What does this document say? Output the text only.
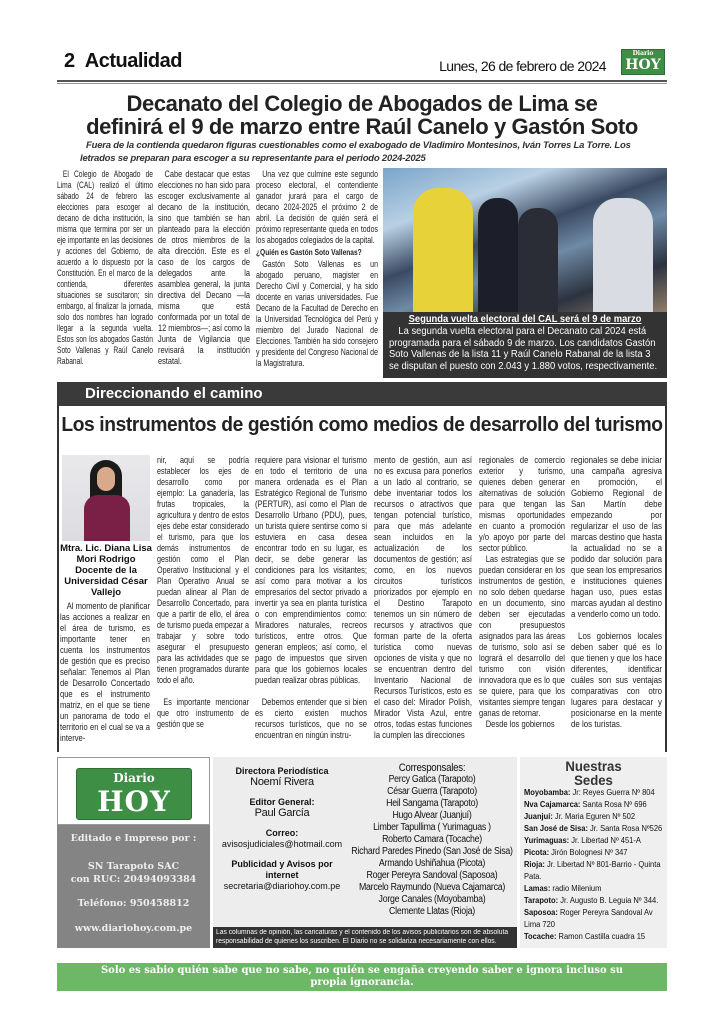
2 Actualidad	Lunes, 26 de febrero de 2024
Diario
HOY
Decanato del Colegio de Abogados de Lima se
definirá el 9 de marzo entre Raúl Canelo y Gastón Soto
Fuera de la contienda quedaron figuras cuestionables como el exabogado de Vladimiro Montesinos, Iván Torres La Torre. Los letrados se preparan para escoger a su representante para el periodo 2024-2025

El Colegio de Abogado de Lima (CAL) realizó el último sábado 24 de febrero las elecciones para escoger al decano de dicha institución, la misma que termina por ser un eje importante en las decisiones y acciones del Gobierno, de acuerdo a lo dispuesto por la Constitución. En el marco de la contienda, diferentes situaciones se suscitaron; sin embargo, al finalizar la jornada, solo dos nombres han logrado llegar a la segunda vuelta. Estos son los abogados Gastón Soto Vallenas y Raúl Canelo Rabanal.

Cabe destacar que estas elecciones no han sido para escoger exclusivamente al decano de la institución, sino que también se han planteado para la elección de otros miembros de la alta dirección. Este es el caso de los cargos de delegados ante la asamblea general, la junta directiva del Decano —la misma que está conformada por un total de 12 miembros—; así como la Junta de Vigilancia que revisará la institución estatal.

Una vez que culmine este segundo proceso electoral, el contendiente ganador jurará para el cargo de decano 2024-2025 el próximo 2 de abril. La decisión de quién será el próximo representante queda en todos los abogados colegiados de la capital.

¿Quién es Gastón Soto Vallenas?

Gastón Soto Vallenas es un abogado peruano, magister en Derecho Civil y Comercial, y ha sido docente en varias universidades. Fue Decano de la Facultad de Derecho en la Universidad Tecnológica del Perú y miembro del Jurado Nacional de Elecciones. También ha sido consejero y presidente del Congreso Nacional de la Magistratura.

Segunda vuelta electoral del CAL será el 9 de marzo

La segunda vuelta electoral para el Decanato cal 2024 está programada para el sábado 9 de marzo. Los candidatos Gastón Soto Vallenas de la lista 11 y Raúl Canelo Rabanal de la lista 3 se disputan el puesto con 2.043 y 1.880 votos, respectivamente.

Direccionando el camino
Los instrumentos de gestión como medios de desarrollo del turismo
Mtra. Lic. Diana Lisa Mori Rodrigo Docente de la Universidad César Vallejo

Al momento de planificar las acciones a realizar en el área de turismo, es importante tener en cuenta los instrumentos de gestión que es preciso señalar: Tenemos al Plan de Desarrollo Concertado que es el instrumento matriz, en el que se tiene un panorama de todo el territorio en el cual se va a interve-

nir, aquí se podría establecer los ejes de desarrollo como por ejemplo: La ganadería, las frutas tropicales, la agricultura y dentro de estos ejes debe estar considerado el turismo, para que los demás instrumentos de gestión como el Plan Operativo Institucional y el Plan Operativo Anual se puedan alinear al Plan de Desarrollo Concertado, para que a partir de ello, el área de turismo pueda empezar a trabajar y sobre todo asegurar el presupuesto para las actividades que se tienen programados durante todo el año.

Es importante mencionar que otro instrumento de gestión que se

requiere para visionar el turismo en todo el territorio de una manera ordenada es el Plan Estratégico Regional de Turismo (PERTUR), así como el Plan de Desarrollo Urbano (PDU), pues, un turista quiere sentirse como si estuviera en casa desea encontrar todo en su lugar, es decir, se debe generar las condiciones para los visitantes; así como para motivar a los empresarios del sector privado a invertir ya sea en planta turística o con emprendimientos como: Miradores naturales, recreos turísticos, entre otros. Que generan empleos; así como, el pago de impuestos que sirven para que los gobiernos locales puedan realizar obras públicas.

Debemos entender que si bien es cierto existen muchos recursos turísticos, que no se encuentran en ningún instru-

mento de gestión, aun así no es excusa para ponerlos a un lado al contrario, se debe inventariar todos los recursos o atractivos que tengan potencial turístico, para que más adelante sean incluidos en la actualización de los documentos de gestión; así como, en los nuevos circuitos turísticos priorizados por ejemplo en el Destino Tarapoto tenemos un sin número de recursos y atractivos que forman parte de la oferta turística como nuevas opciones de visita y que no se encuentran dentro del Inventario Nacional de Recursos Turísticos, esto es el caso del: Mirador Polish, Mirador Vista Azul, entre otros, todas estas funciones la cumplen las direcciones

regionales de comercio exterior y turismo, quienes deben generar alternativas de solución para que tengan las mismas oportunidades en cuanto a promoción y/o apoyo por parte del sector público.

Las estrategias que se puedan considerar en los instrumentos de gestión, no solo deben quedarse en un documento, sino deben ser ejecutadas con presupuestos asignados para las áreas de turismo, solo así se logrará el desarrollo del turismo con visión innovadora que es lo que se quiere, para que los visitantes siempre tengan ganas de retornar.

Desde los gobiernos

regionales se debe iniciar una campaña agresiva en promoción, el Gobierno Regional de San Martín debe empezando por regularizar el uso de las marcas destino que hasta la actualidad no se a podido dar solución para que sean los empresarios e instituciones quienes hagan uso, pues estas marcas ayudan al destino a venderlo como un todo.

Los gobiernos locales deben saber qué es lo que tienen y que los hace diferentes, identificar cuáles son sus ventajas comparativas con otro lugares para destacar y posicionarse en la mente de los turistas.

Diario
HOY
Editado e Impreso por :
SN Tarapoto SAC
con RUC: 20494093384
Teléfono: 950458812
www.diariohoy.com.pe
Directora Periodística
Noemí Rivera
Editor General:
Paul García
Correo:
avisosjudiciales@hotmail.com
Publicidad y Avisos por internet
secretaria@diariohoy.com.pe
Corresponsales:
Percy Gatica (Tarapoto)
César Guerra (Tarapoto)
Heil Sangama (Tarapoto)
Hugo Alvear (Juanjuí)
Limber Tapullima ( Yurimaguas )
Roberto Camara (Tocache)
Richard Paredes Pinedo (San José de Sisa)
Armando Ushiñahua (Picota)
Roger Pereyra Sandoval (Saposoa)
Marcelo Raymundo (Nueva Cajamarca)
Jorge Canales (Moyobamba)
Clemente Llatas (Rioja)
Las columnas de opinión, las caricaturas y el contenido de los avisos publicitarios son de absoluta responsabilidad de quienes los suscriben. El Diario no se solidariza necesariamente con ellos.
Nuestras
Sedes
Moyobamba: Jr: Reyes Guerra Nº 804
Nva Cajamarca: Santa Rosa Nº 696
Juanjuí: Jr. Maria Eguren Nº 502
San José de Sisa: Jr. Santa Rosa Nº526
Yurimaguas: Jr. Libertad Nº 451-A
Picota: Jirón Bolognesi Nº 347
Rioja: Jr. Libertad Nº 801-Barrio - Quinta Pata.
Lamas: radio Milenium
Tarapoto: Jr. Augusto B. Leguia Nº 344.
Saposoa: Roger Pereyra Sandoval Av Lima 720
Tocache: Ramon Castilla cuadra 15
Solo es sabio quién sabe que no sabe, no quién se engaña creyendo saber e ignora incluso su propia ignorancia.
